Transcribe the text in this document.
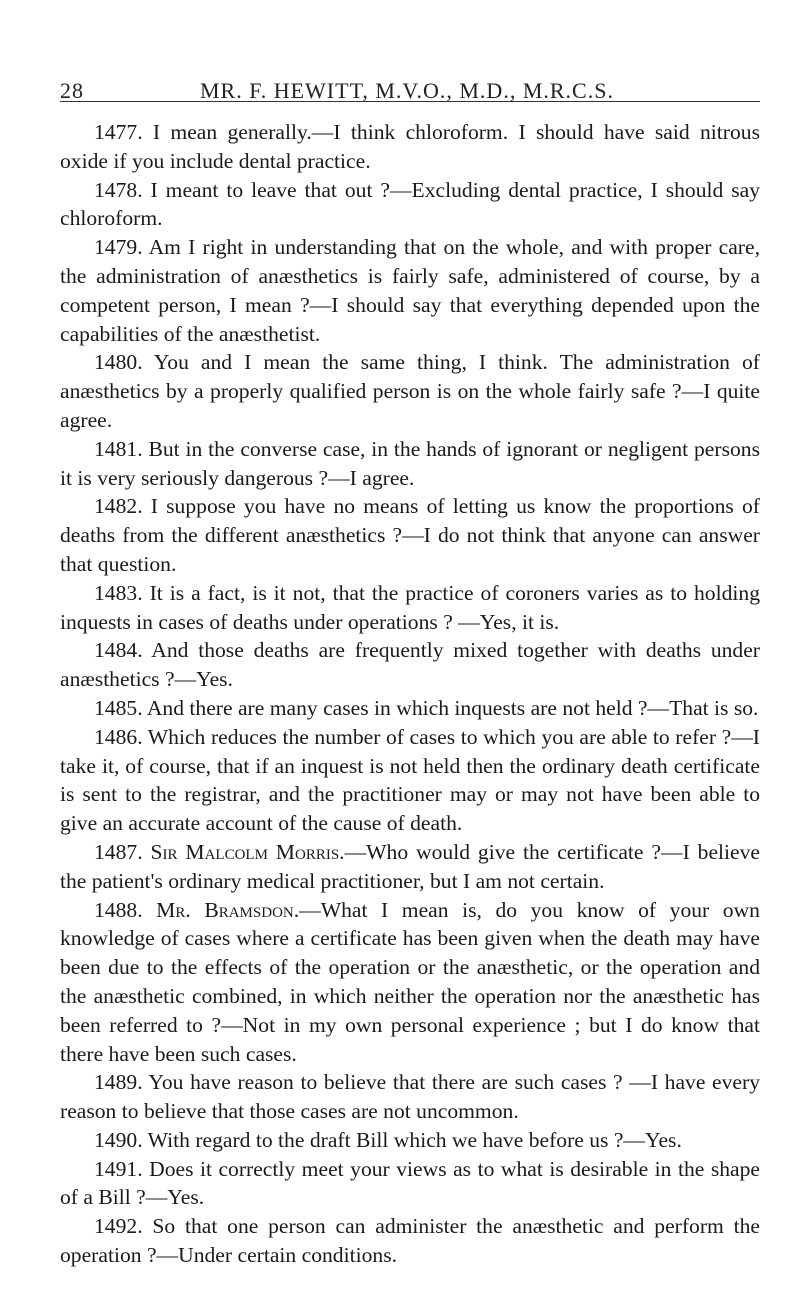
28	MR. F. HEWITT, M.V.O., M.D., M.R.C.S.

1477. I mean generally.—I think chloroform. I should have said nitrous oxide if you include dental practice.

1478. I meant to leave that out ?—Excluding dental practice, I should say chloroform.

1479. Am I right in understanding that on the whole, and with proper care, the administration of anæsthetics is fairly safe, administered of course, by a competent person, I mean ?—I should say that everything depended upon the capabilities of the anæsthetist.

1480. You and I mean the same thing, I think. The administration of anæsthetics by a properly qualified person is on the whole fairly safe ?—I quite agree.

1481. But in the converse case, in the hands of ignorant or negligent persons it is very seriously dangerous ?—I agree.

1482. I suppose you have no means of letting us know the proportions of deaths from the different anæsthetics ?—I do not think that anyone can answer that question.

1483. It is a fact, is it not, that the practice of coroners varies as to holding inquests in cases of deaths under operations ? —Yes, it is.

1484. And those deaths are frequently mixed together with deaths under anæsthetics ?—Yes.

1485. And there are many cases in which inquests are not held ?—That is so.

1486. Which reduces the number of cases to which you are able to refer ?—I take it, of course, that if an inquest is not held then the ordinary death certificate is sent to the registrar, and the practitioner may or may not have been able to give an accurate account of the cause of death.

1487. Sir Malcolm Morris.—Who would give the certificate ?—I believe the patient's ordinary medical practitioner, but I am not certain.

1488. Mr. Bramsdon.—What I mean is, do you know of your own knowledge of cases where a certificate has been given when the death may have been due to the effects of the operation or the anæsthetic, or the operation and the anæsthetic combined, in which neither the operation nor the anæsthetic has been referred to ?—Not in my own personal experience ; but I do know that there have been such cases.

1489. You have reason to believe that there are such cases ? —I have every reason to believe that those cases are not uncommon.

1490. With regard to the draft Bill which we have before us ?—Yes.

1491. Does it correctly meet your views as to what is desirable in the shape of a Bill ?—Yes.

1492. So that one person can administer the anæsthetic and perform the operation ?—Under certain conditions.
